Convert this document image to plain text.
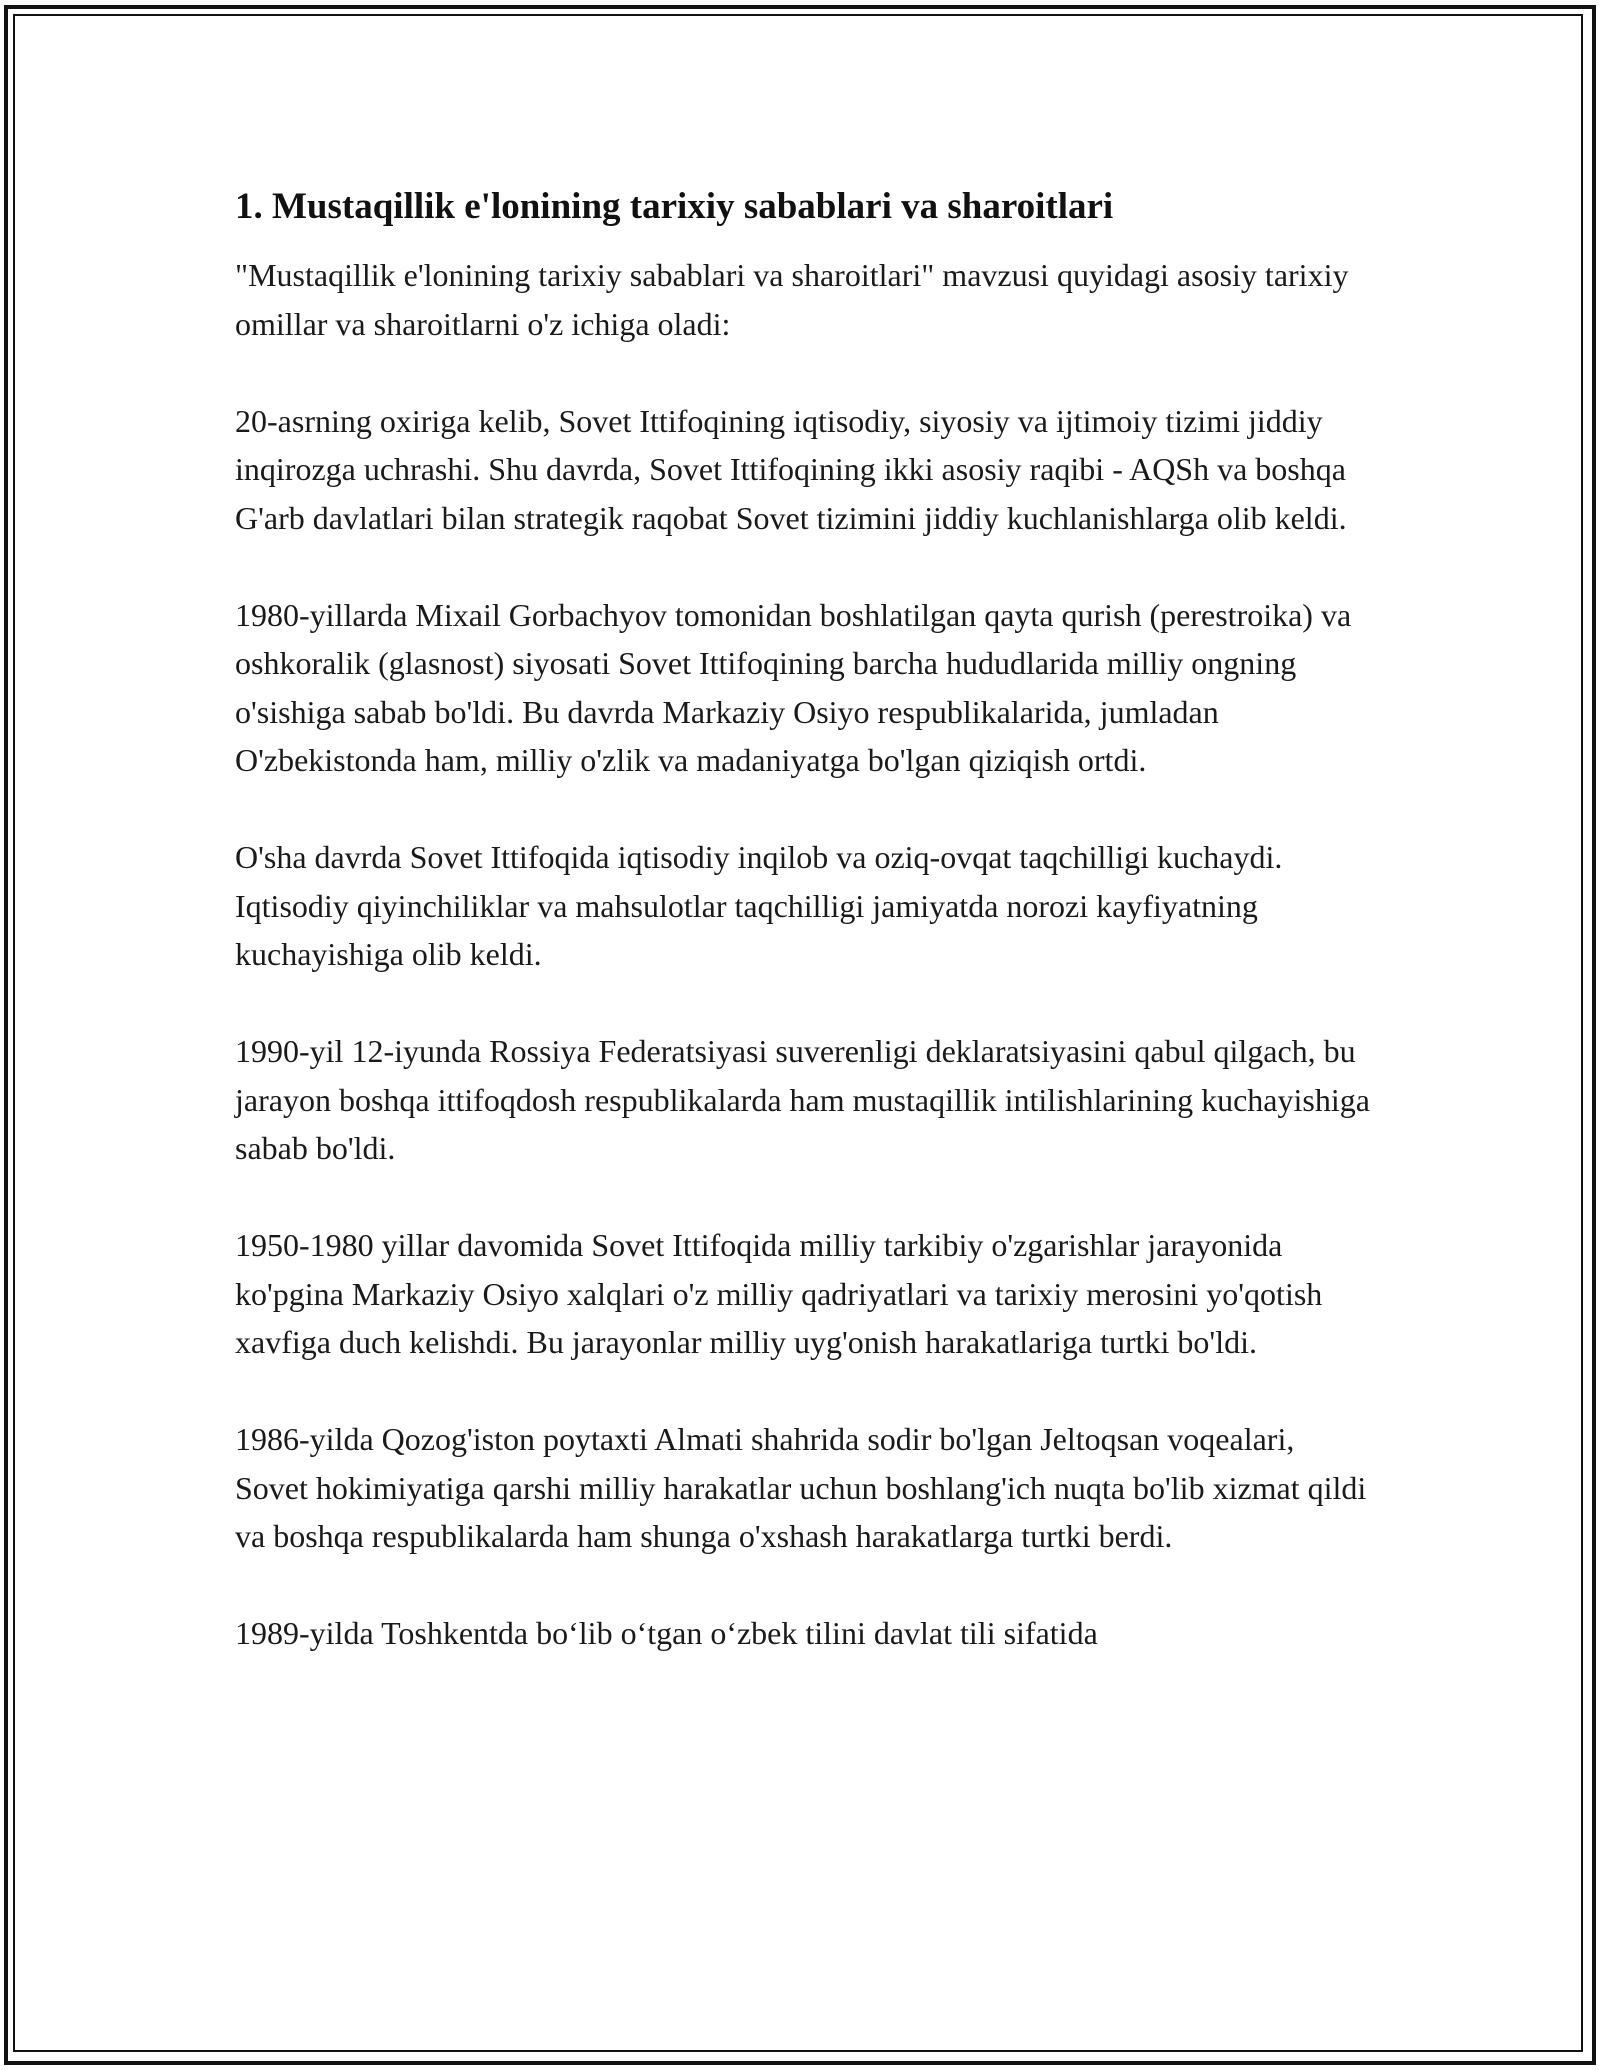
1. Mustaqillik e'lonining tarixiy sabablari va sharoitlari

"Mustaqillik e'lonining tarixiy sabablari va sharoitlari" mavzusi quyidagi asosiy tarixiy omillar va sharoitlarni o'z ichiga oladi:

20-asrning oxiriga kelib, Sovet Ittifoqining iqtisodiy, siyosiy va ijtimoiy tizimi jiddiy inqirozga uchrashi. Shu davrda, Sovet Ittifoqining ikki asosiy raqibi - AQSh va boshqa G'arb davlatlari bilan strategik raqobat Sovet tizimini jiddiy kuchlanishlarga olib keldi.

1980-yillarda Mixail Gorbachyov tomonidan boshlatilgan qayta qurish (perestroika) va oshkoralik (glasnost) siyosati Sovet Ittifoqining barcha hududlarida milliy ongning o'sishiga sabab bo'ldi. Bu davrda Markaziy Osiyo respublikalarida, jumladan O'zbekistonda ham, milliy o'zlik va madaniyatga bo'lgan qiziqish ortdi.

O'sha davrda Sovet Ittifoqida iqtisodiy inqilob va oziq-ovqat taqchilligi kuchaydi. Iqtisodiy qiyinchiliklar va mahsulotlar taqchilligi jamiyatda norozi kayfiyatning kuchayishiga olib keldi.

1990-yil 12-iyunda Rossiya Federatsiyasi suverenligi deklaratsiyasini qabul qilgach, bu jarayon boshqa ittifoqdosh respublikalarda ham mustaqillik intilishlarining kuchayishiga sabab bo'ldi.

1950-1980 yillar davomida Sovet Ittifoqida milliy tarkibiy o'zgarishlar jarayonida ko'pgina Markaziy Osiyo xalqlari o'z milliy qadriyatlari va tarixiy merosini yo'qotish xavfiga duch kelishdi. Bu jarayonlar milliy uyg'onish harakatlariga turtki bo'ldi.

1986-yilda Qozog'iston poytaxti Almati shahrida sodir bo'lgan Jeltoqsan voqealari, Sovet hokimiyatiga qarshi milliy harakatlar uchun boshlang'ich nuqta bo'lib xizmat qildi va boshqa respublikalarda ham shunga o'xshash harakatlarga turtki berdi.

1989-yilda Toshkentda bo‘lib o‘tgan o‘zbek tilini davlat tili sifatida
